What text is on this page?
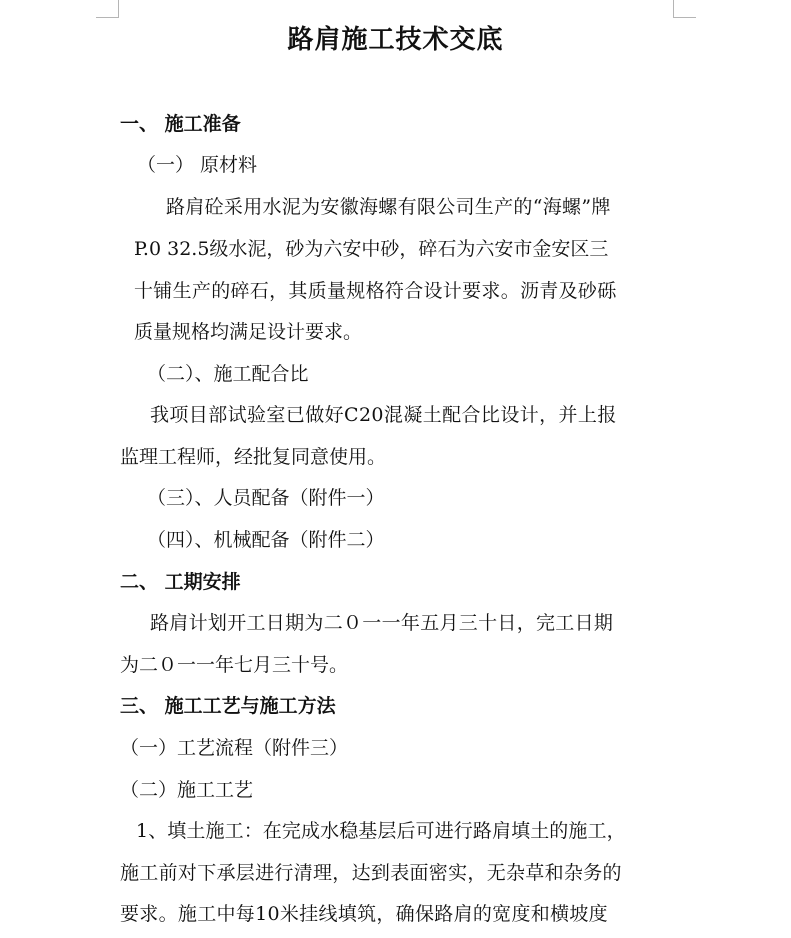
路肩施工技术交底
一、 施工准备
（一） 原材料
路肩砼采用水泥为安徽海螺有限公司生产的“海螺”牌
P.0 32.5级水泥，砂为六安中砂，碎石为六安市金安区三
十铺生产的碎石，其质量规格符合设计要求。沥青及砂砾
质量规格均满足设计要求。
（二）、施工配合比
我项目部试验室已做好C20混凝土配合比设计，并上报
监理工程师，经批复同意使用。
（三）、人员配备（附件一）
（四）、机械配备（附件二）
二、 工期安排
路肩计划开工日期为二０一一年五月三十日，完工日期
为二０一一年七月三十号。
三、 施工工艺与施工方法
（一）工艺流程（附件三）
（二）施工工艺
1、填土施工：在完成水稳基层后可进行路肩填土的施工，
施工前对下承层进行清理，达到表面密实，无杂草和杂务的
要求。施工中每10米挂线填筑，确保路肩的宽度和横坡度
